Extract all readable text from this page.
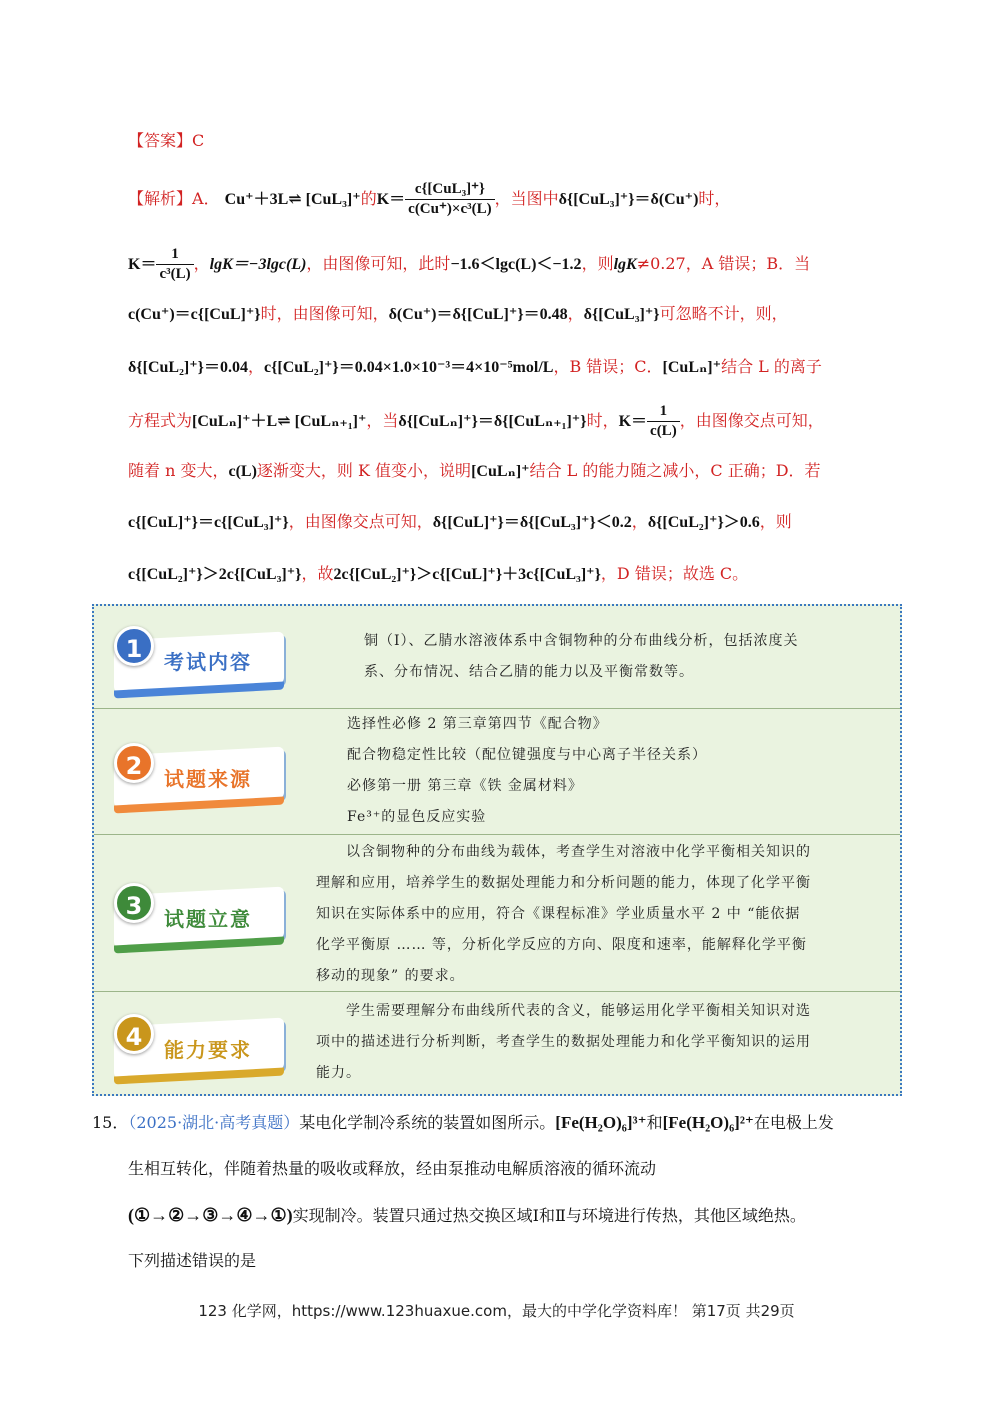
【答案】C
【解析】A． Cu⁺＋3L⇌ [CuL₃]⁺的$K= \frac{\text{c\{[CuL₃]⁺\}}}{\text{c(Cu⁺)×c³(L)}}$ ，当图中δ{[CuL₃]⁺}＝δ(Cu⁺)时，
$K= \frac{1}{\text{c³(L)}}$ ，lgK＝−3lgc(L)，由图像可知，此时−1.6＜lgc(L)＜−1.2，则lgK≠0.27，A 错误；B．当
c(Cu⁺)＝c{[CuL]⁺}时，由图像可知，δ(Cu⁺)＝δ{[CuL]⁺}＝0.48，δ{[CuL₃]⁺}可忽略不计，则，
δ{[CuL₂]⁺}＝0.04，c{[CuL₂]⁺}＝0.04×1.0×10⁻³＝4×10⁻⁵mol/L，B 错误；C．[CuLₙ]⁺结合 L 的离子
方程式为[CuLₙ]⁺＋L⇌ [CuLₙ₊₁]⁺，当δ{[CuLₙ]⁺}＝δ{[CuLₙ₊₁]⁺}时，$K= \frac{1}{c(L)}$ ，由图像交点可知，
随着 n 变大，c(L)逐渐变大，则 K 值变小，说明[CuLₙ]⁺结合 L 的能力随之减小，C 正确；D．若
c{[CuL]⁺}＝c{[CuL₃]⁺}，由图像交点可知，δ{[CuL]⁺}＝δ{[CuL₃]⁺}＜0.2，δ{[CuL₂]⁺}＞0.6，则
c{[CuL₂]⁺}＞2c{[CuL₃]⁺}，故2c{[CuL₂]⁺}＞c{[CuL]⁺}＋3c{[CuL₃]⁺}，D 错误；故选 C。
1	考试内容
铜（Ⅰ）、乙腈水溶液体系中含铜物种的分布曲线分析，包括浓度关
系、分布情况、结合乙腈的能力以及平衡常数等。
2	试题来源
选择性必修 2 第三章第四节《配合物》
配合物稳定性比较（配位键强度与中心离子半径关系）
必修第一册 第三章《铁 金属材料》
Fe³⁺的显色反应实验
3	试题立意
以含铜物种的分布曲线为载体，考查学生对溶液中化学平衡相关知识的
理解和应用，培养学生的数据处理能力和分析问题的能力，体现了化学平衡
知识在实际体系中的应用，符合《课程标准》学业质量水平 2 中 “能依据
化学平衡原 …… 等，分析化学反应的方向、限度和速率，能解释化学平衡
移动的现象” 的要求。
4	能力要求
学生需要理解分布曲线所代表的含义，能够运用化学平衡相关知识对选
项中的描述进行分析判断，考查学生的数据处理能力和化学平衡知识的运用
能力。
15．（2025·湖北·高考真题）某电化学制冷系统的装置如图所示。[Fe(H₂O)₆]³⁺和[Fe(H₂O)₆]²⁺在电极上发
生相互转化，伴随着热量的吸收或释放，经由泵推动电解质溶液的循环流动
(①→②→③→④→①)实现制冷。装置只通过热交换区域Ⅰ和Ⅱ与环境进行传热，其他区域绝热。
下列描述错误的是
123 化学网，https://www.123huaxue.com，最大的中学化学资料库！ 第17页 共29页
